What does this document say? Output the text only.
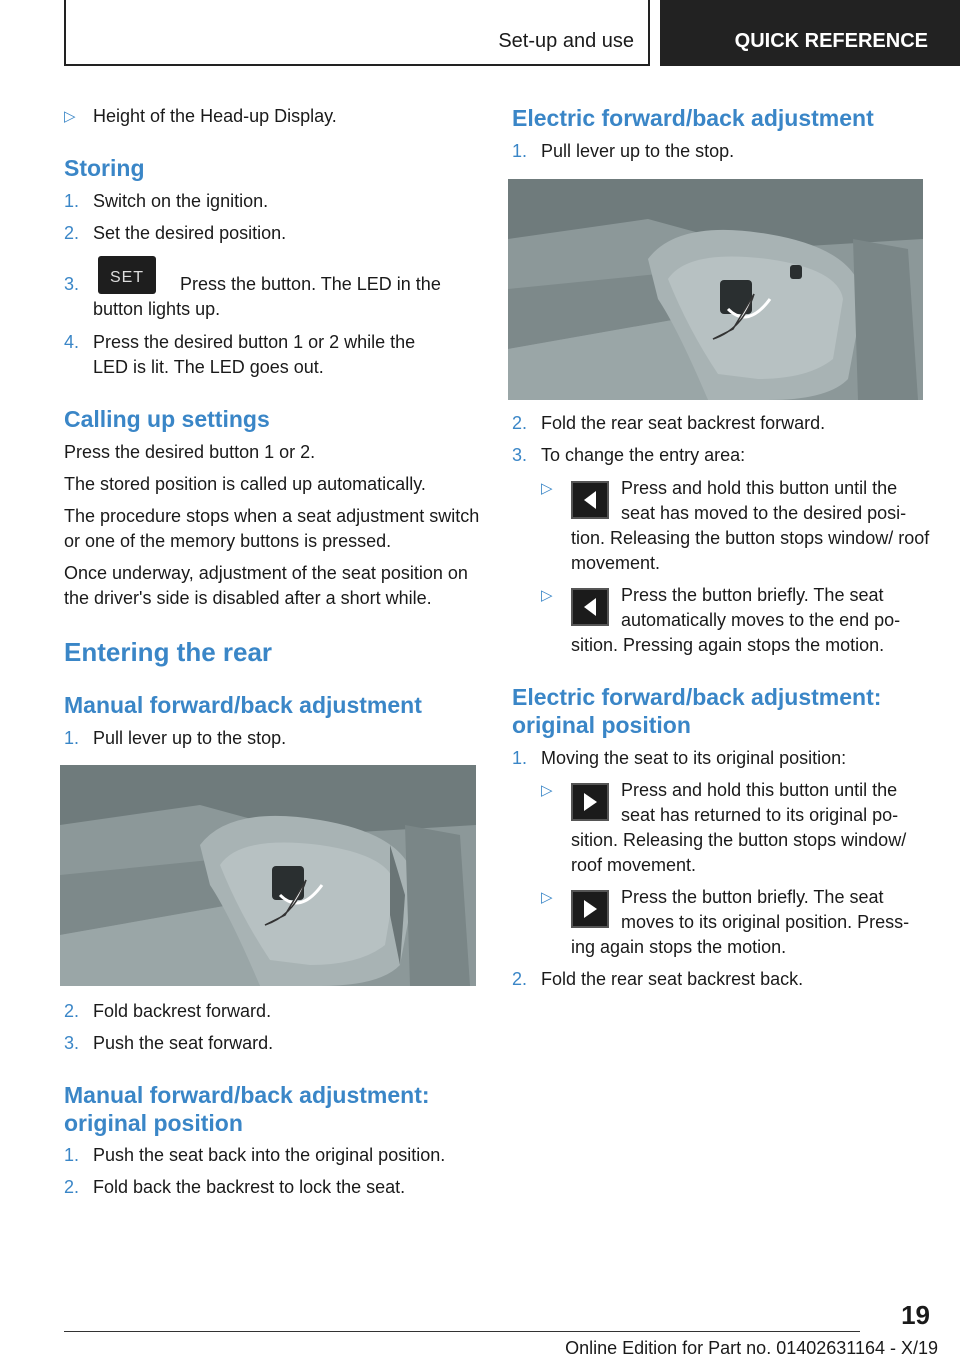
Set-up and use	QUICK REFERENCE
▷ Height of the Head-up Display.
Storing
1. Switch on the ignition.
2. Set the desired position.
3.	SET	Press the button. The LED in the button lights up.
4. Press the desired button 1 or 2 while the LED is lit. The LED goes out.
Calling up settings
Press the desired button 1 or 2.
The stored position is called up automatically.
The procedure stops when a seat adjustment switch or one of the memory buttons is pressed.
Once underway, adjustment of the seat position on the driver's side is disabled after a short while.
Entering the rear
Manual forward/back adjustment
1. Pull lever up to the stop.
2. Fold backrest forward.
3. Push the seat forward.
Manual forward/back adjustment: original position
1. Push the seat back into the original position.
2. Fold back the backrest to lock the seat.
Electric forward/back adjustment
1. Pull lever up to the stop.
2. Fold the rear seat backrest forward.
3. To change the entry area:
▷	Press and hold this button until the seat has moved to the desired posi-tion. Releasing the button stops window/ roof movement.
▷	Press the button briefly. The seat automatically moves to the end po-sition. Pressing again stops the motion.
Electric forward/back adjustment: original position
1. Moving the seat to its original position:
▷	Press and hold this button until the seat has returned to its original po-sition. Releasing the button stops window/ roof movement.
▷	Press the button briefly. The seat moves to its original position. Press-ing again stops the motion.
2. Fold the rear seat backrest back.
19
Online Edition for Part no. 01402631164 - X/19
